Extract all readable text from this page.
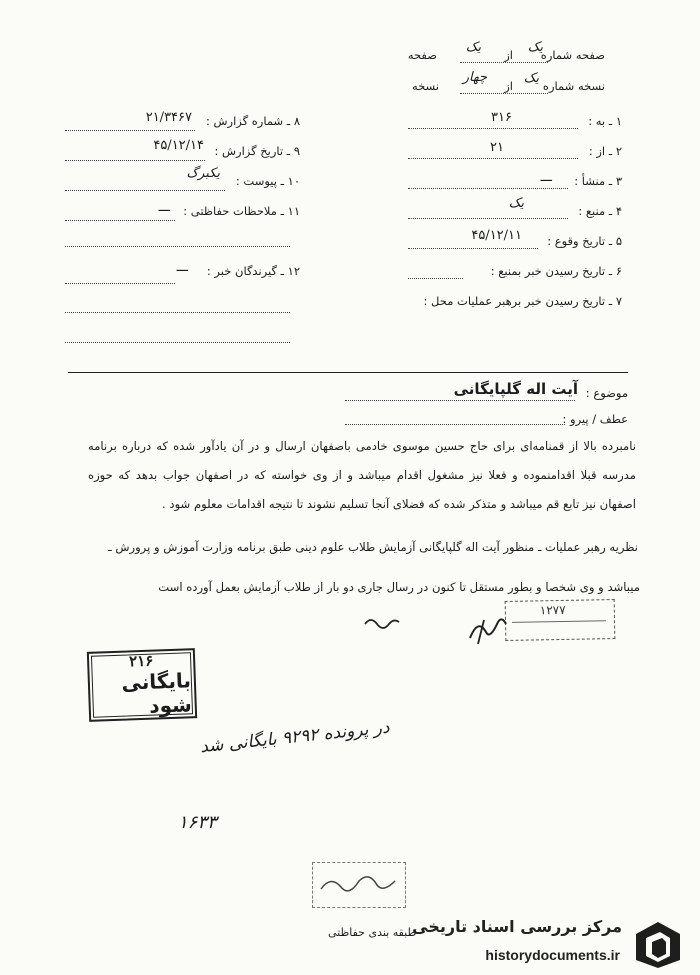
صفحه شماره
یک
از
یک
صفحه
نسخه شماره
یک
از
چهار
نسخه
۱ ـ به :
۳۱۶
۲ ـ از :
۲۱
۳ ـ منشأ :
ـــ
۴ ـ منبع :
یک
۵ ـ تاریخ وقوع :
۴۵/۱۲/۱۱
۶ ـ تاریخ رسیدن خبر بمنبع :
۷ ـ تاریخ رسیدن خبر برهبر عملیات محل :
۸ ـ شماره گزارش :
۲۱/۳۴۶۷
۹ ـ تاریخ گزارش :
۴۵/۱۲/۱۴
۱۰ ـ پیوست :
یکبرگ
۱۱ ـ ملاحظات حفاظتی :
ـــ
۱۲ ـ گیرندگان خبر :
ـــ
موضوع :
آیت اله گلپایگانی
عطف / پیرو :
نامبرده بالا از قمنامه‌ای برای حاج حسین موسوی خادمی باصفهان ارسال و در آن یادآور شده که درباره برنامه مدرسه قبلا اقدامنموده و فعلا نیز مشغول اقدام میباشد و از وی خواسته که در اصفهان جواب بدهد که حوزه اصفهان نیز تابع قم میباشد و متذکر شده که فضلای آنجا تسلیم نشوند تا نتیجه اقدامات معلوم شود .
نظریه رهبر عملیات ـ منظور آیت اله گلپایگانی آزمایش طلاب علوم دینی طبق برنامه وزارت آموزش و پرورش ـ
میباشد و وی شخصا و بطور مستقل تا کنون در رسال جاری دو بار از طلاب آزمایش بعمل آورده است
۱۲۷۷
۲۱۶
بایگانی شود
در پرونده ۹۲۹۲ بایگانی شد
۱۶۳۳
طبقه بندی حفاظتی
مرکز بررسی اسناد تاریخی
historydocuments.ir
